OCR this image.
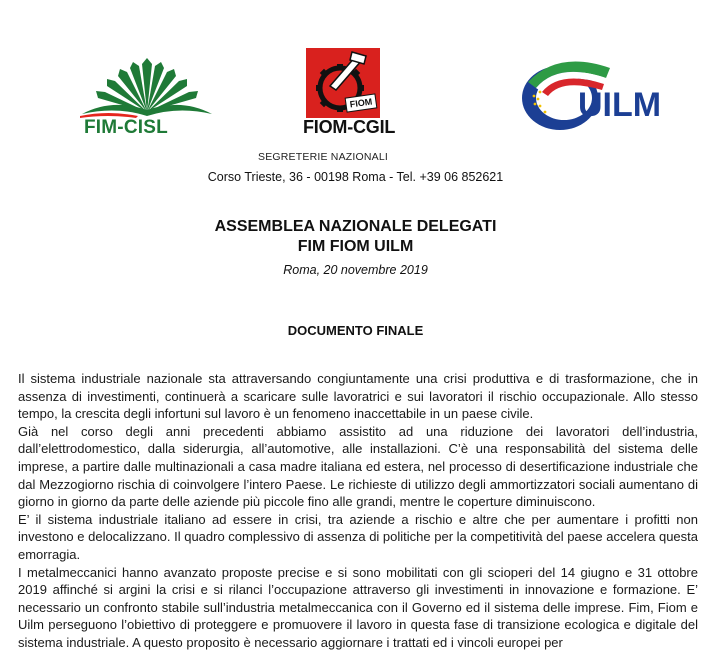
FIM-CISL
FIOM
FIOM-CGIL
UILM
SEGRETERIE NAZIONALI
Corso Trieste, 36 - 00198 Roma - Tel. +39 06 852621
ASSEMBLEA NAZIONALE DELEGATI
FIM FIOM UILM
Roma, 20 novembre 2019
DOCUMENTO FINALE

Il sistema industriale nazionale sta attraversando congiuntamente una crisi produttiva e di trasformazione, che in assenza di investimenti, continuerà a scaricare sulle lavoratrici e sui lavoratori il rischio occupazionale. Allo stesso tempo, la crescita degli infortuni sul lavoro è un fenomeno inaccettabile in un paese civile.

Già nel corso degli anni precedenti abbiamo assistito ad una riduzione dei lavoratori dell’industria, dall’elettrodomestico, dalla siderurgia, all’automotive, alle installazioni. C’è una responsabilità del sistema delle imprese, a partire dalle multinazionali a casa madre italiana ed estera, nel processo di desertificazione industriale che dal Mezzogiorno rischia di coinvolgere l’intero Paese. Le richieste di utilizzo degli ammortizzatori sociali aumentano di giorno in giorno da parte delle aziende più piccole fino alle grandi, mentre le coperture diminuiscono.

E’ il sistema industriale italiano ad essere in crisi, tra aziende a rischio e altre che per aumentare i profitti non investono e delocalizzano. Il quadro complessivo di assenza di politiche per la competitività del paese accelera questa emorragia.

I metalmeccanici hanno avanzato proposte precise e si sono mobilitati con gli scioperi del 14 giugno e 31 ottobre 2019 affinché si argini la crisi e si rilanci l’occupazione attraverso gli investimenti in innovazione e formazione. E’ necessario un confronto stabile sull’industria metalmeccanica con il Governo ed il sistema delle imprese. Fim, Fiom e Uilm perseguono l’obiettivo di proteggere e promuovere il lavoro in questa fase di transizione ecologica e digitale del sistema industriale. A questo proposito è necessario aggiornare i trattati ed i vincoli europei per
